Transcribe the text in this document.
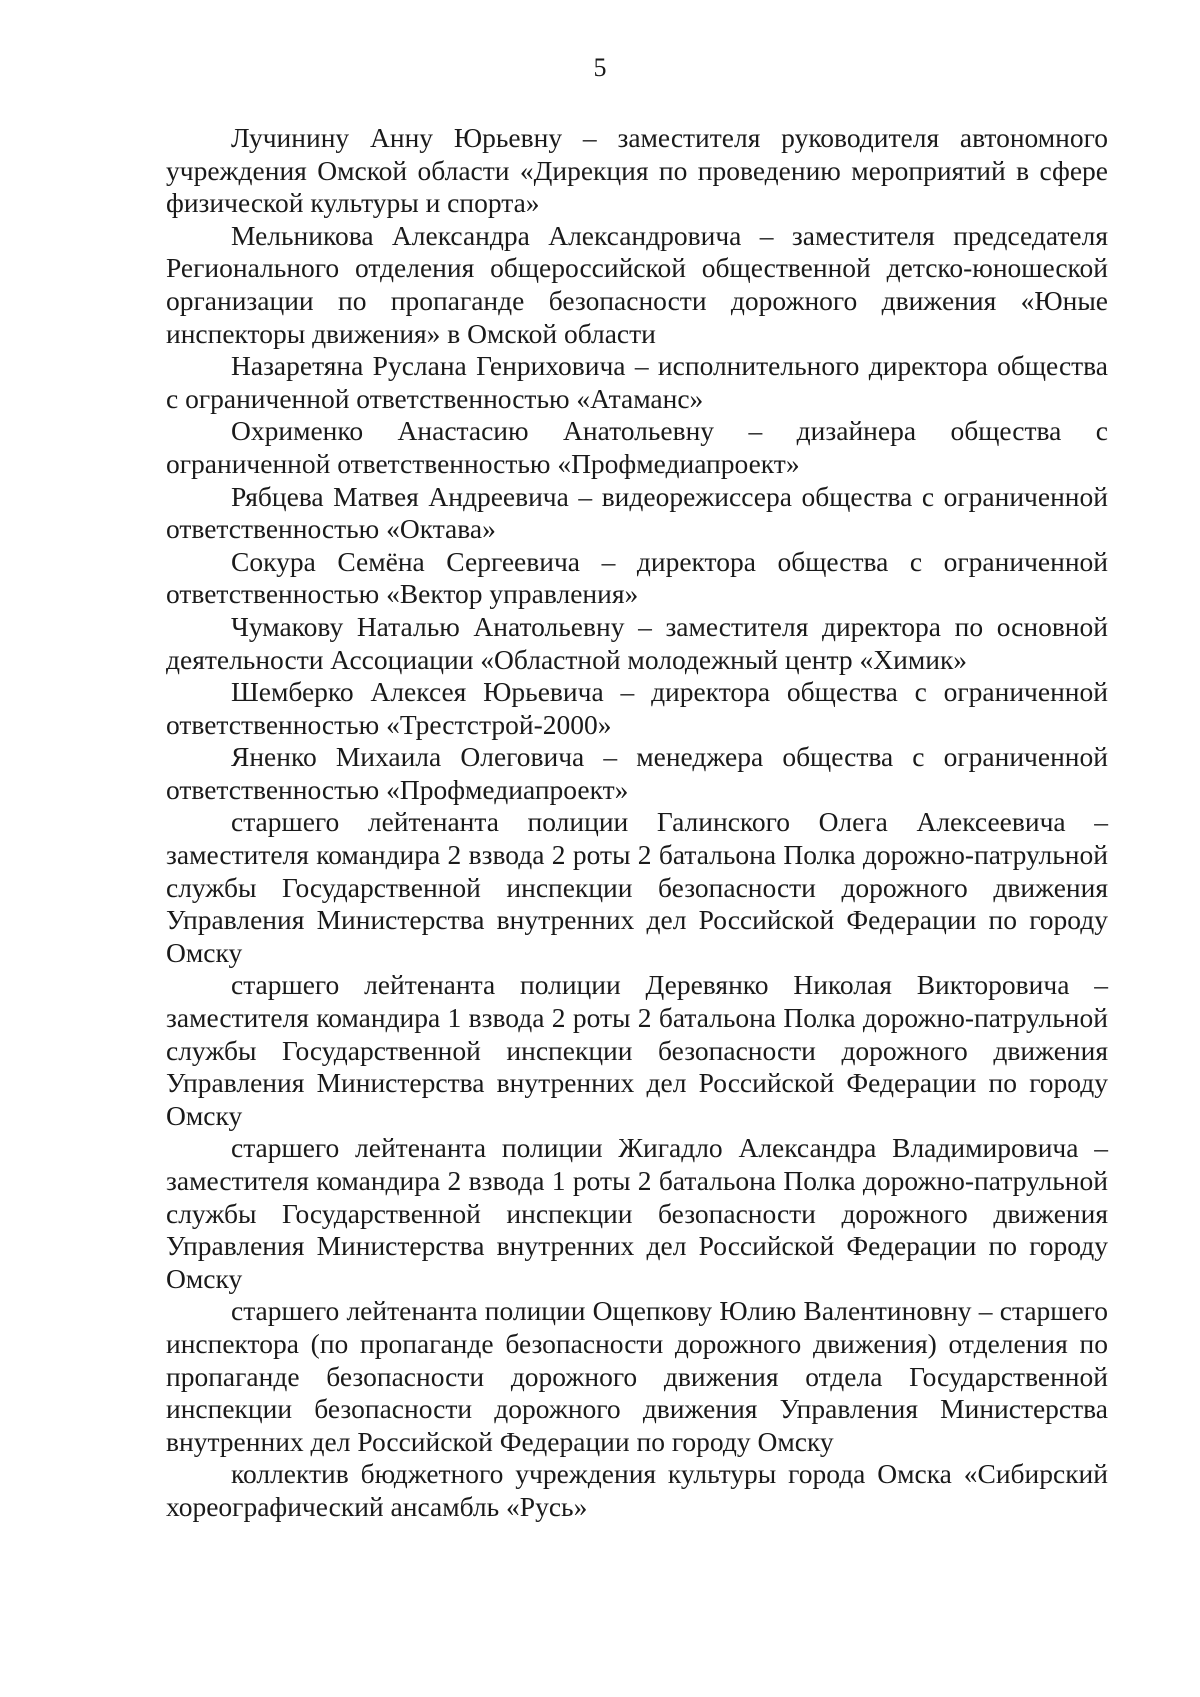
5

Лучинину Анну Юрьевну – заместителя руководителя автономного учреждения Омской области «Дирекция по проведению мероприятий в сфере физической культуры и спорта»

Мельникова Александра Александровича – заместителя председателя Регионального отделения общероссийской общественной детско-юношеской организации по пропаганде безопасности дорожного движения «Юные инспекторы движения» в Омской области

Назаретяна Руслана Генриховича – исполнительного директора общества с ограниченной ответственностью «Атаманс»

Охрименко Анастасию Анатольевну – дизайнера общества с ограниченной ответственностью «Профмедиапроект»

Рябцева Матвея Андреевича – видеорежиссера общества с ограниченной ответственностью «Октава»

Сокура Семёна Сергеевича – директора общества с ограниченной ответственностью «Вектор управления»

Чумакову Наталью Анатольевну – заместителя директора по основной деятельности Ассоциации «Областной молодежный центр «Химик»

Шемберко Алексея Юрьевича – директора общества с ограниченной ответственностью «Трестстрой-2000»

Яненко Михаила Олеговича – менеджера общества с ограниченной ответственностью «Профмедиапроект»

старшего лейтенанта полиции Галинского Олега Алексеевича – заместителя командира 2 взвода 2 роты 2 батальона Полка дорожно-патрульной службы Государственной инспекции безопасности дорожного движения Управления Министерства внутренних дел Российской Федерации по городу Омску

старшего лейтенанта полиции Деревянко Николая Викторовича – заместителя командира 1 взвода 2 роты 2 батальона Полка дорожно-патрульной службы Государственной инспекции безопасности дорожного движения Управления Министерства внутренних дел Российской Федерации по городу Омску

старшего лейтенанта полиции Жигадло Александра Владимировича – заместителя командира 2 взвода 1 роты 2 батальона Полка дорожно-патрульной службы Государственной инспекции безопасности дорожного движения Управления Министерства внутренних дел Российской Федерации по городу Омску

старшего лейтенанта полиции Ощепкову Юлию Валентиновну – старшего инспектора (по пропаганде безопасности дорожного движения) отделения по пропаганде безопасности дорожного движения отдела Государственной инспекции безопасности дорожного движения Управления Министерства внутренних дел Российской Федерации по городу Омску

коллектив бюджетного учреждения культуры города Омска «Сибирский хореографический ансамбль «Русь»
